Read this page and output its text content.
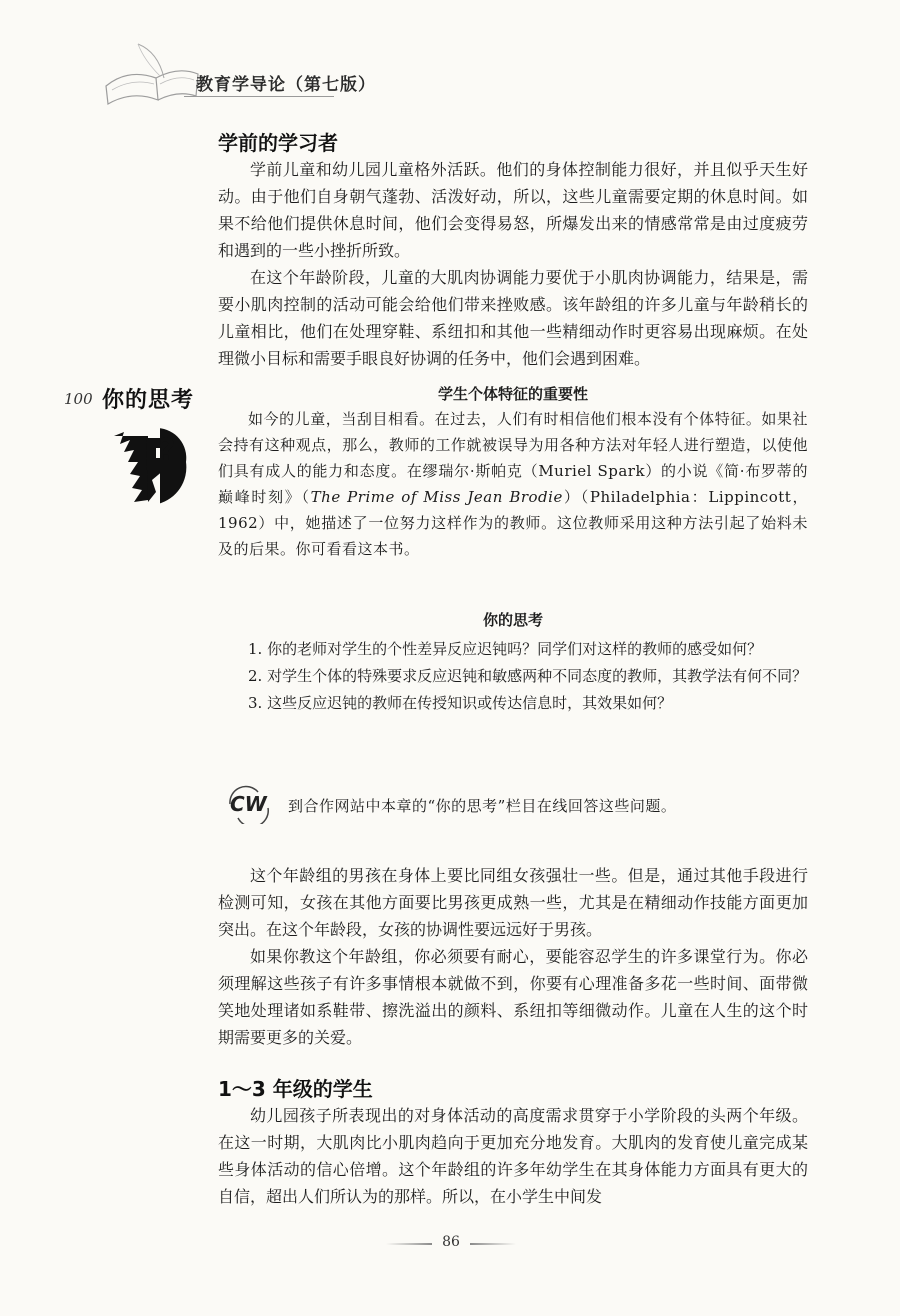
教育学导论（第七版）
学前的学习者

学前儿童和幼儿园儿童格外活跃。他们的身体控制能力很好，并且似乎天生好动。由于他们自身朝气蓬勃、活泼好动，所以，这些儿童需要定期的休息时间。如果不给他们提供休息时间，他们会变得易怒，所爆发出来的情感常常是由过度疲劳和遇到的一些小挫折所致。

在这个年龄阶段，儿童的大肌肉协调能力要优于小肌肉协调能力，结果是，需要小肌肉控制的活动可能会给他们带来挫败感。该年龄组的许多儿童与年龄稍长的儿童相比，他们在处理穿鞋、系纽扣和其他一些精细动作时更容易出现麻烦。在处理微小目标和需要手眼良好协调的任务中，他们会遇到困难。

100 你的思考
?

学生个体特征的重要性

如今的儿童，当刮目相看。在过去，人们有时相信他们根本没有个体特征。如果社会持有这种观点，那么，教师的工作就被误导为用各种方法对年轻人进行塑造，以使他们具有成人的能力和态度。在缪瑞尔·斯帕克（Muriel Spark）的小说《简·布罗蒂的巅峰时刻》（The Prime of Miss Jean Brodie）（Philadelphia：Lippincott，1962）中，她描述了一位努力这样作为的教师。这位教师采用这种方法引起了始料未及的后果。你可看看这本书。

你的思考

1. 你的老师对学生的个性差异反应迟钝吗？同学们对这样的教师的感受如何？

2. 对学生个体的特殊要求反应迟钝和敏感两种不同态度的教师，其教学法有何不同？

3. 这些反应迟钝的教师在传授知识或传达信息时，其效果如何？

CW 到合作网站中本章的“你的思考”栏目在线回答这些问题。

这个年龄组的男孩在身体上要比同组女孩强壮一些。但是，通过其他手段进行检测可知，女孩在其他方面要比男孩更成熟一些，尤其是在精细动作技能方面更加突出。在这个年龄段，女孩的协调性要远远好于男孩。

如果你教这个年龄组，你必须要有耐心，要能容忍学生的许多课堂行为。你必须理解这些孩子有许多事情根本就做不到，你要有心理准备多花一些时间、面带微笑地处理诸如系鞋带、擦洗溢出的颜料、系纽扣等细微动作。儿童在人生的这个时期需要更多的关爱。

1～3 年级的学生

幼儿园孩子所表现出的对身体活动的高度需求贯穿于小学阶段的头两个年级。在这一时期，大肌肉比小肌肉趋向于更加充分地发育。大肌肉的发育使儿童完成某些身体活动的信心倍增。这个年龄组的许多年幼学生在其身体能力方面具有更大的自信，超出人们所认为的那样。所以，在小学生中间发

86
